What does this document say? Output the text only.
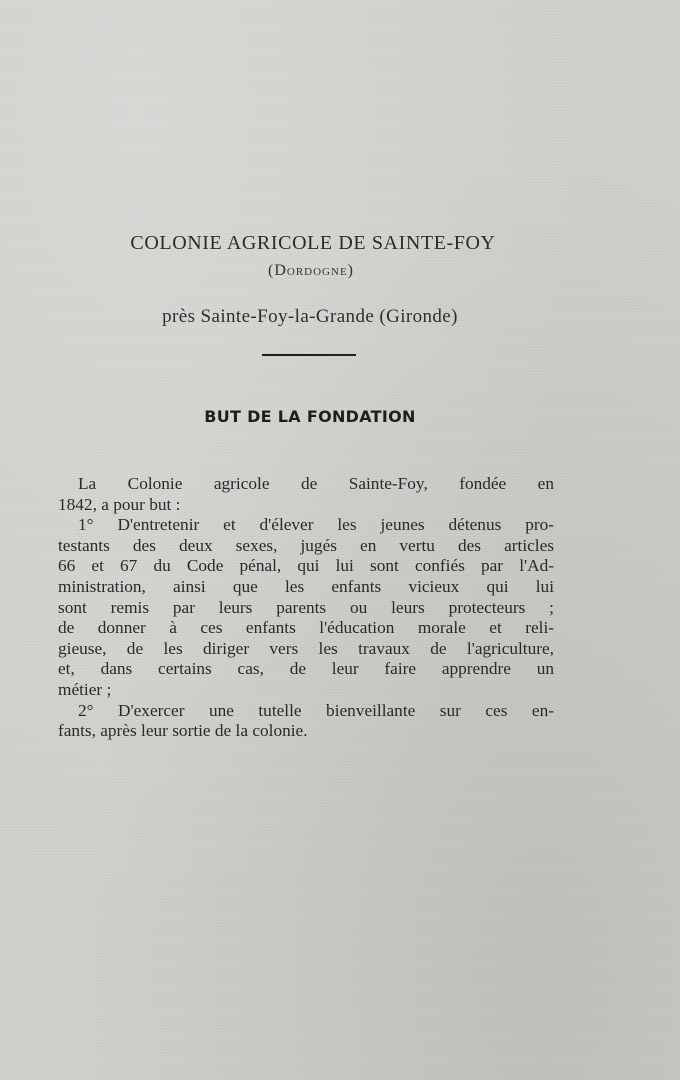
COLONIE AGRICOLE DE SAINTE-FOY
(Dordogne)
près Sainte-Foy-la-Grande (Gironde)
BUT DE LA FONDATION
La Colonie agricole de Sainte-Foy, fondée en
1842, a pour but :
1° D'entretenir et d'élever les jeunes détenus pro-
testants des deux sexes, jugés en vertu des articles
66 et 67 du Code pénal, qui lui sont confiés par l'Ad-
ministration, ainsi que les enfants vicieux qui lui
sont remis par leurs parents ou leurs protecteurs ;
de donner à ces enfants l'éducation morale et reli-
gieuse, de les diriger vers les travaux de l'agriculture,
et, dans certains cas, de leur faire apprendre un
métier ;
2° D'exercer une tutelle bienveillante sur ces en-
fants, après leur sortie de la colonie.
